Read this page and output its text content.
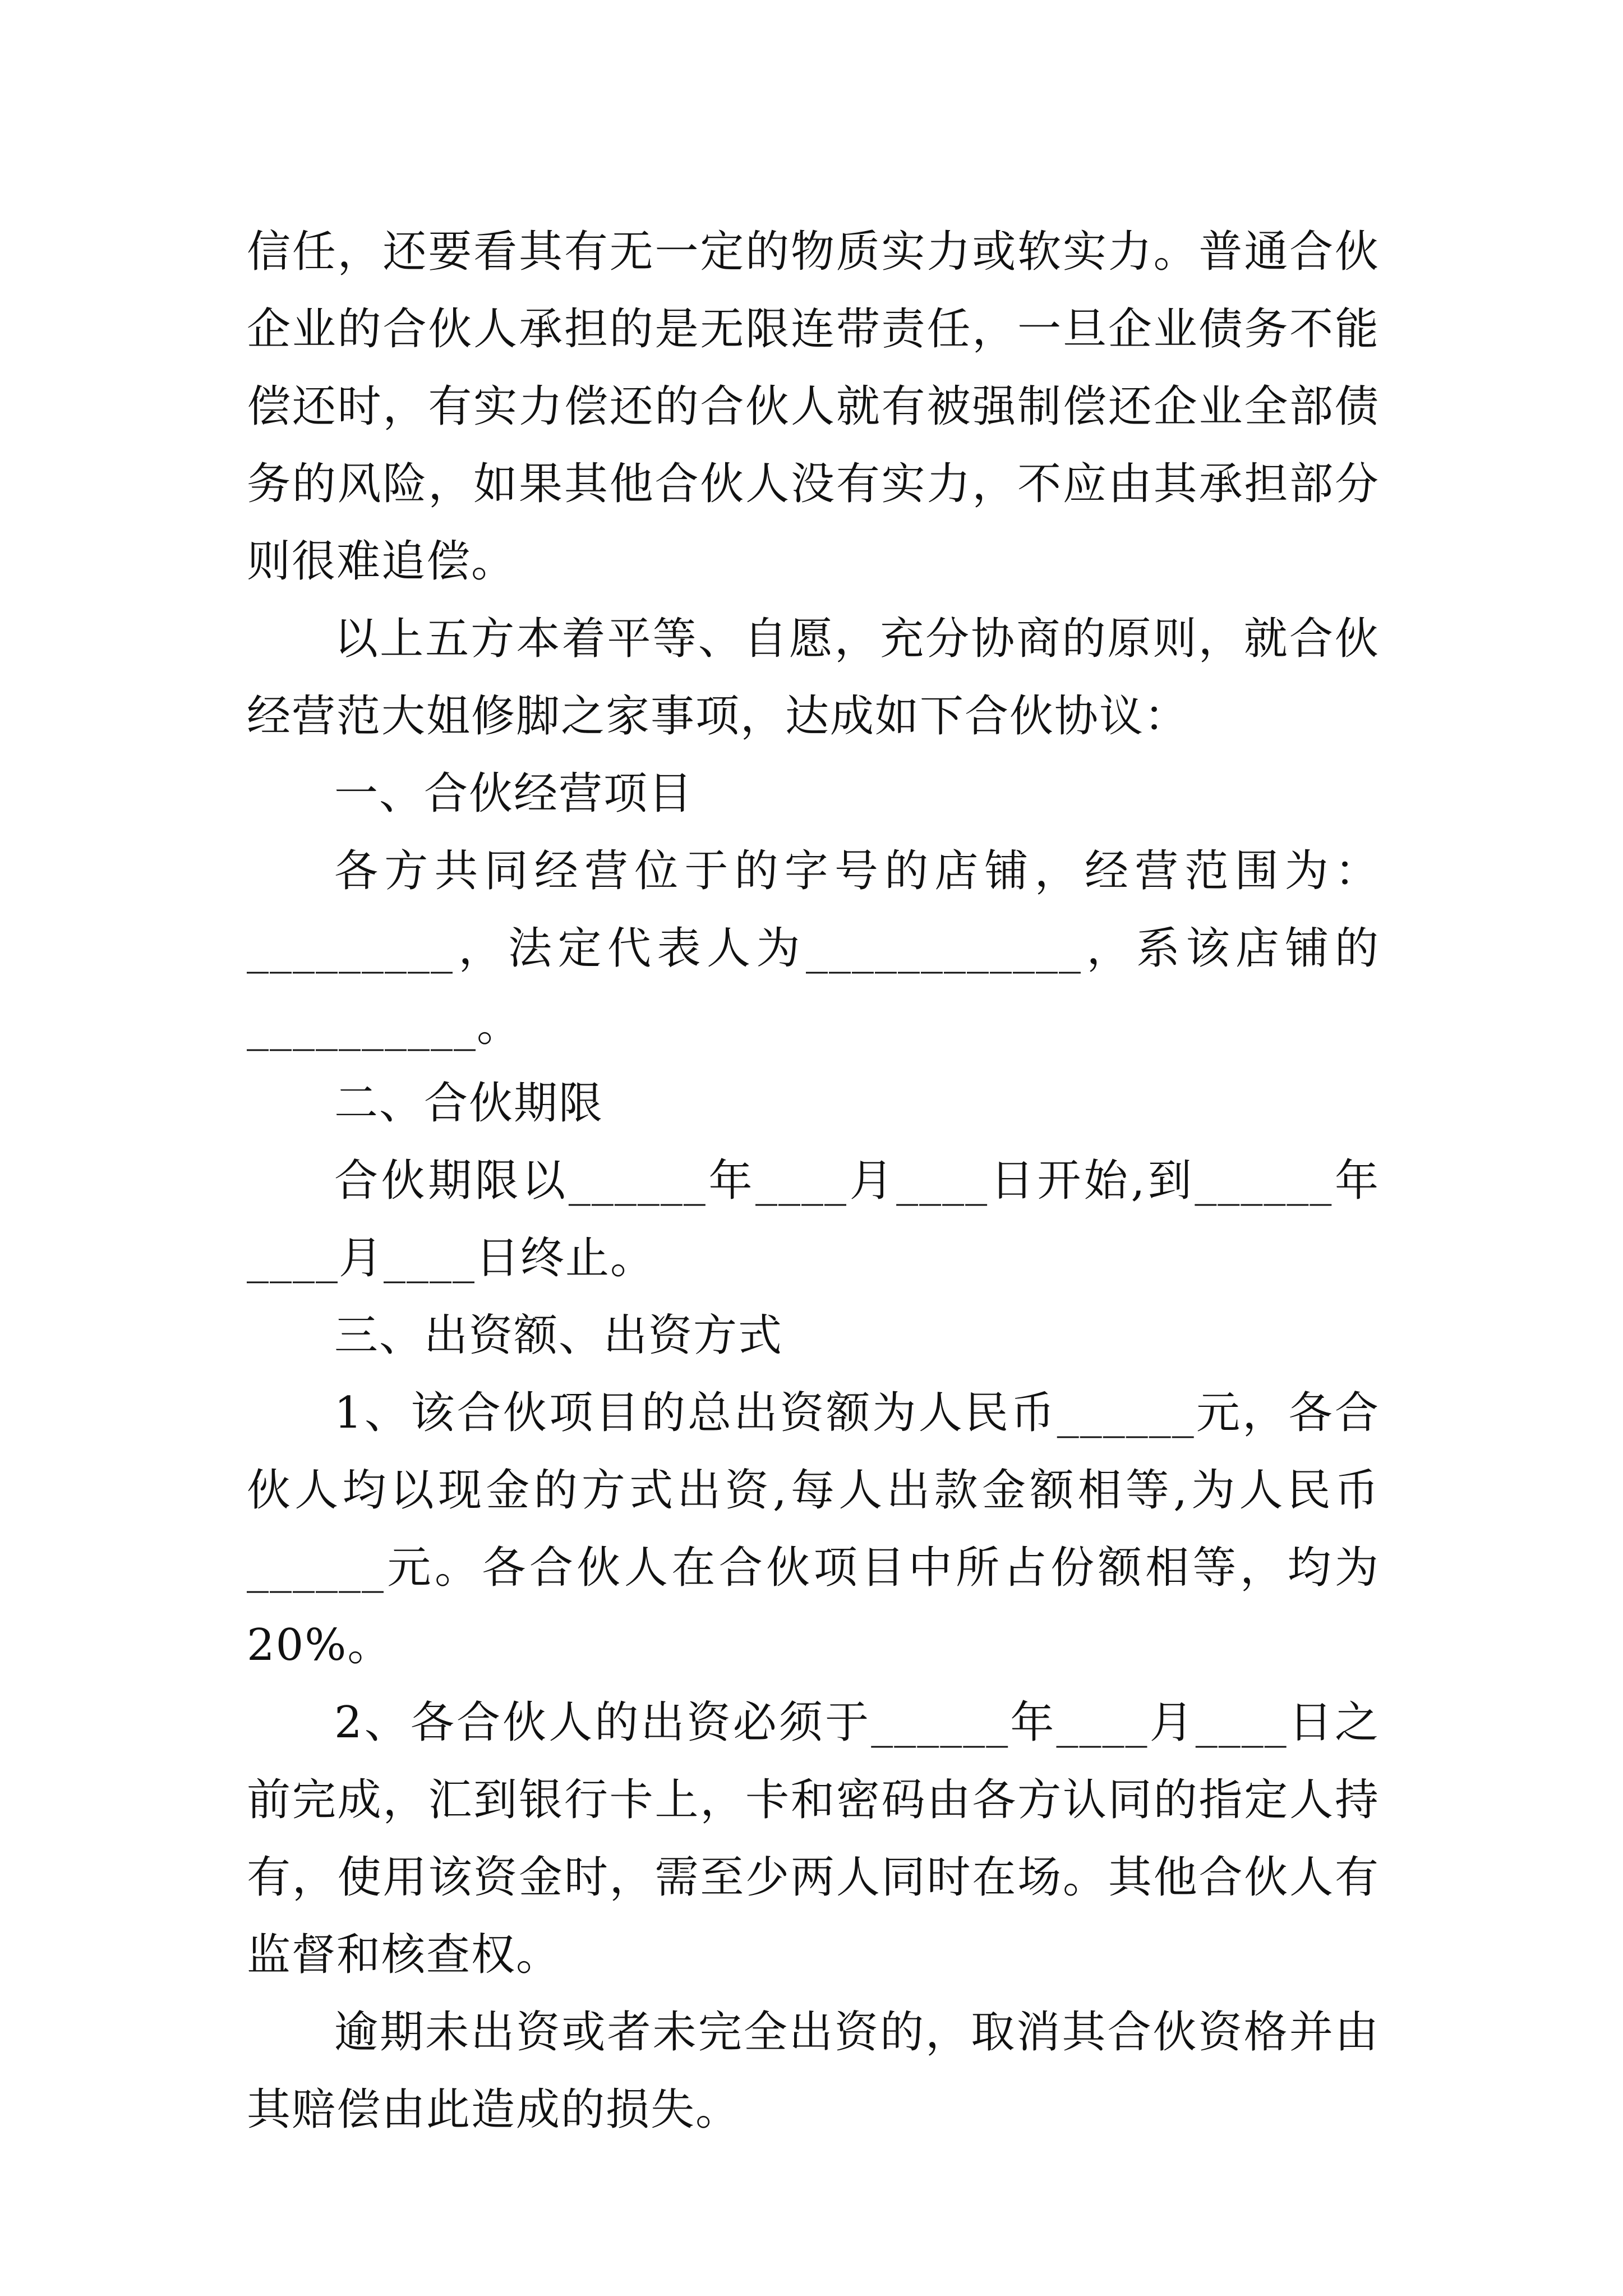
信任，还要看其有无一定的物质实力或软实力。普通合伙企业的合伙人承担的是无限连带责任，一旦企业债务不能偿还时，有实力偿还的合伙人就有被强制偿还企业全部债务的风险，如果其他合伙人没有实力，不应由其承担部分则很难追偿。

以上五方本着平等、自愿，充分协商的原则，就合伙经营范大姐修脚之家事项，达成如下合伙协议：

一、合伙经营项目

各方共同经营位于的字号的店铺，经营范围为：_________，法定代表人为____________，系该店铺的__________。

二、合伙期限

合伙期限以______年____月____日开始,到______年____月____日终止。

三、出资额、出资方式

1、该合伙项目的总出资额为人民币______元，各合伙人均以现金的方式出资,每人出款金额相等,为人民币______元。各合伙人在合伙项目中所占份额相等，均为20%。

2、各合伙人的出资必须于______年____月____日之前完成，汇到银行卡上，卡和密码由各方认同的指定人持有，使用该资金时，需至少两人同时在场。其他合伙人有监督和核查权。

逾期未出资或者未完全出资的，取消其合伙资格并由其赔偿由此造成的损失。
